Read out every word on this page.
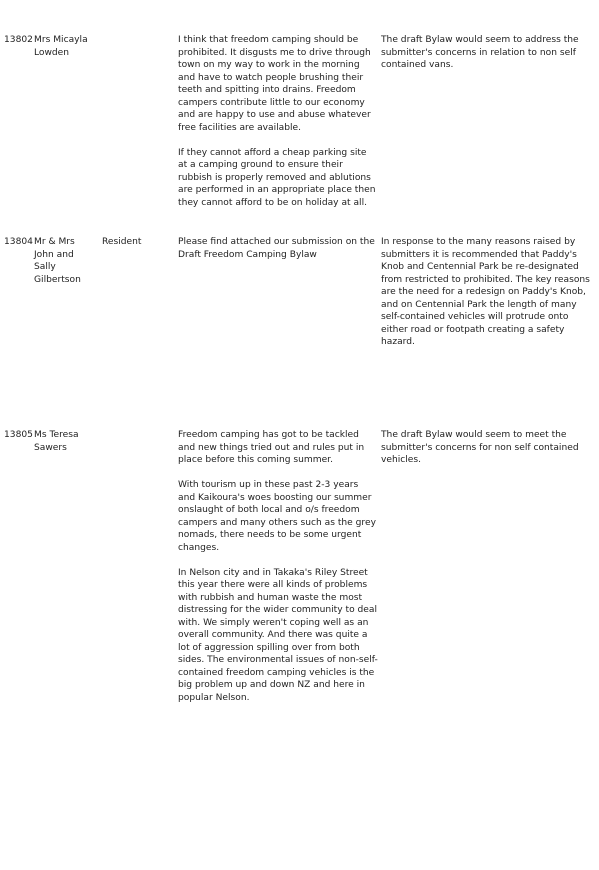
13802 Mrs Micayla Lowden

I think that freedom camping should be prohibited. It disgusts me to drive through town on my way to work in the morning and have to watch people brushing their teeth and spitting into drains. Freedom campers contribute little to our economy and are happy to use and abuse whatever free facilities are available.

If they cannot afford a cheap parking site at a camping ground to ensure their rubbish is properly removed and ablutions are performed in an appropriate place then they cannot afford to be on holiday at all.

The draft Bylaw would seem to address the submitter's concerns in relation to non self contained vans.
13804 Mr & Mrs John and Sally Gilbertson
Resident	Please find attached our submission on the Draft Freedom Camping Bylaw

In response to the many reasons raised by submitters it is recommended that Paddy's Knob and Centennial Park be re-designated from restricted to prohibited. The key reasons are the need for a redesign on Paddy's Knob, and on Centennial Park the length of many self-contained vehicles will protrude onto either road or footpath creating a safety hazard.
13805 Ms Teresa Sawers

Freedom camping has got to be tackled and new things tried out and rules put in place before this coming summer.

With tourism up in these past 2-3 years and Kaikoura's woes boosting our summer onslaught of both local and o/s freedom campers and many others such as the grey nomads, there needs to be some urgent changes.

In Nelson city and in Takaka's Riley Street this year there were all kinds of problems with rubbish and human waste the most distressing for the wider community to deal with. We simply weren't coping well as an overall community. And there was quite a lot of aggression spilling over from both sides. The environmental issues of non-self-contained freedom camping vehicles is the big problem up and down NZ and here in popular Nelson.

The draft Bylaw would seem to meet the submitter's concerns for non self contained vehicles.
